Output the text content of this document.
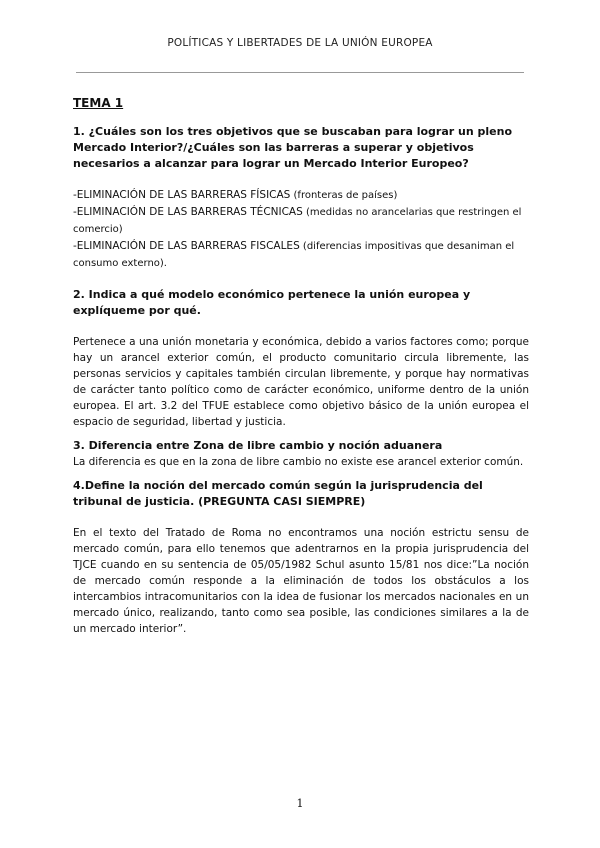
POLÍTICAS Y LIBERTADES DE LA UNIÓN EUROPEA

TEMA 1

1. ¿Cuáles son los tres objetivos que se buscaban para lograr un pleno Mercado Interior?/¿Cuáles son las barreras a superar y objetivos necesarios a alcanzar para lograr un Mercado Interior Europeo?

-ELIMINACIÓN DE LAS BARRERAS FÍSICAS (fronteras de países)

-ELIMINACIÓN DE LAS BARRERAS TÉCNICAS (medidas no arancelarias que restringen el comercio)

-ELIMINACIÓN DE LAS BARRERAS FISCALES (diferencias impositivas que desaniman el consumo externo).

2. Indica a qué modelo económico pertenece la unión europea y explíqueme por qué.

Pertenece a una unión monetaria y económica, debido a varios factores como; porque hay un arancel exterior común, el producto comunitario circula libremente, las personas servicios y capitales también circulan libremente, y porque hay normativas de carácter tanto político como de carácter económico, uniforme dentro de la unión europea. El art. 3.2 del TFUE establece como objetivo básico de la unión europea el espacio de seguridad, libertad y justicia.

3. Diferencia entre Zona de libre cambio y noción aduanera

La diferencia es que en la zona de libre cambio no existe ese arancel exterior común.

4.Define la noción del mercado común según la jurisprudencia del tribunal de justicia. (PREGUNTA CASI SIEMPRE)

En el texto del Tratado de Roma no encontramos una noción estrictu sensu de mercado común, para ello tenemos que adentrarnos en la propia jurisprudencia del TJCE cuando en su sentencia de 05/05/1982 Schul asunto 15/81 nos dice:”La noción de mercado común responde a la eliminación de todos los obstáculos a los intercambios intracomunitarios con la idea de fusionar los mercados nacionales en un mercado único, realizando, tanto como sea posible, las condiciones similares a la de un mercado interior”.

1
